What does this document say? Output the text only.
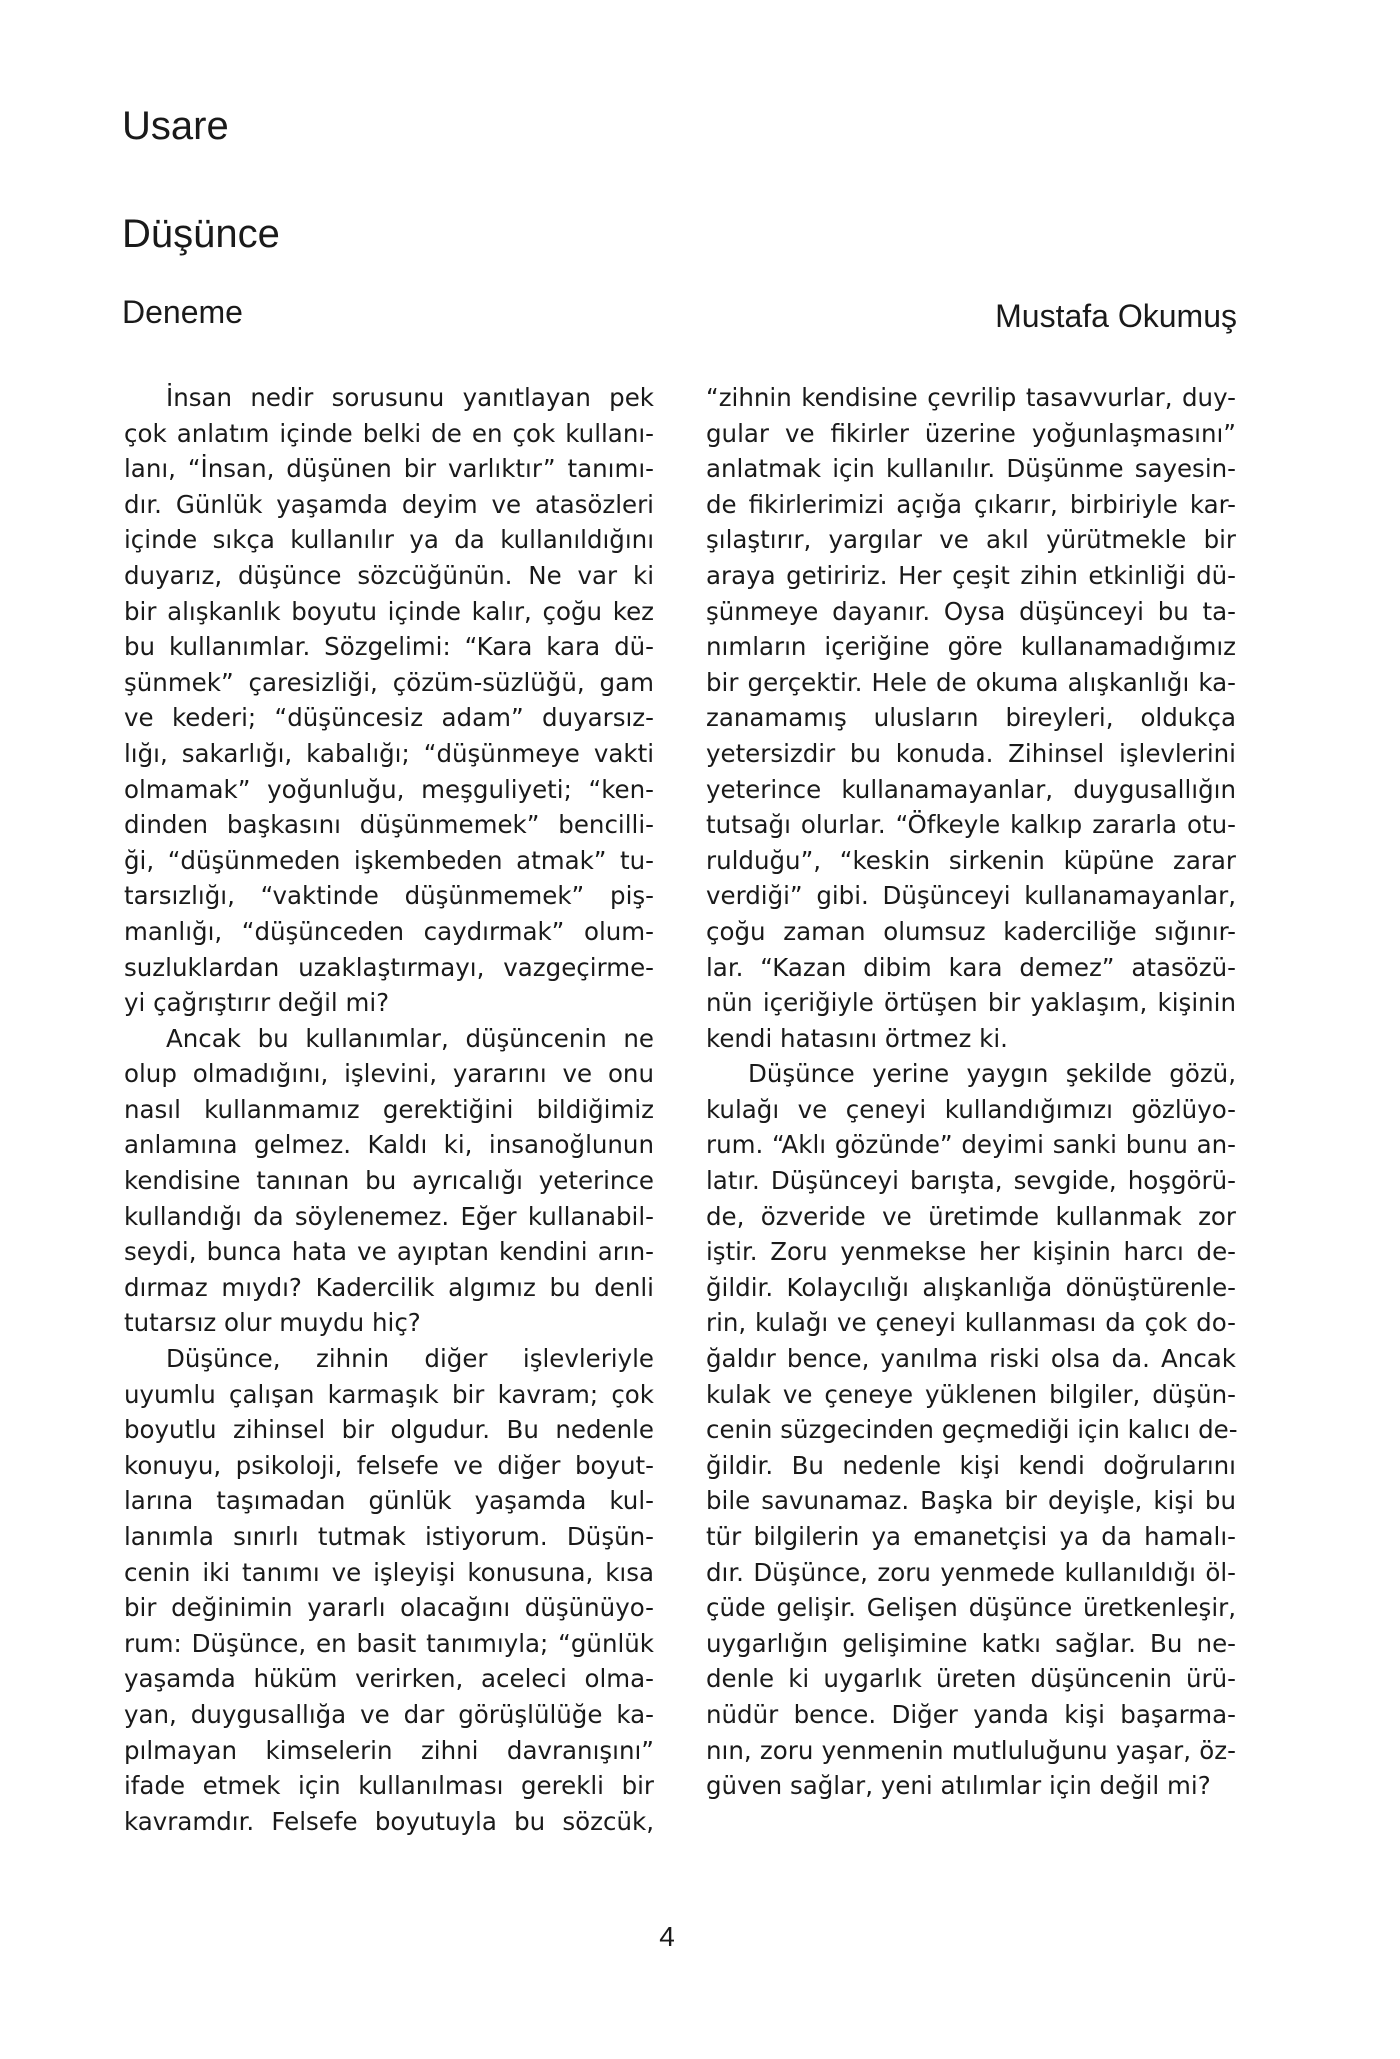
Usare
Düşünce
Deneme	Mustafa Okumuş
İnsan nedir sorusunu yanıtlayan pek
çok anlatım içinde belki de en çok kullanı-
lanı, “İnsan, düşünen bir varlıktır” tanımı-
dır. Günlük yaşamda deyim ve atasözleri
içinde sıkça kullanılır ya da kullanıldığını
duyarız, düşünce sözcüğünün. Ne var ki
bir alışkanlık boyutu içinde kalır, çoğu kez
bu kullanımlar. Sözgelimi: “Kara kara dü-
şünmek” çaresizliği, çözüm-süzlüğü, gam
ve kederi; “düşüncesiz adam” duyarsız-
lığı, sakarlığı, kabalığı; “düşünmeye vakti
olmamak” yoğunluğu, meşguliyeti; “ken-
dinden başkasını düşünmemek” bencilli-
ği, “düşünmeden işkembeden atmak” tu-
tarsızlığı, “vaktinde düşünmemek” piş-
manlığı, “düşünceden caydırmak” olum-
suzluklardan uzaklaştırmayı, vazgeçirme-
yi çağrıştırır değil mi?
Ancak bu kullanımlar, düşüncenin ne
olup olmadığını, işlevini, yararını ve onu
nasıl kullanmamız gerektiğini bildiğimiz
anlamına gelmez. Kaldı ki, insanoğlunun
kendisine tanınan bu ayrıcalığı yeterince
kullandığı da söylenemez. Eğer kullanabil-
seydi, bunca hata ve ayıptan kendini arın-
dırmaz mıydı? Kadercilik algımız bu denli
tutarsız olur muydu hiç?
Düşünce, zihnin diğer işlevleriyle
uyumlu çalışan karmaşık bir kavram; çok
boyutlu zihinsel bir olgudur. Bu nedenle
konuyu, psikoloji, felsefe ve diğer boyut-
larına taşımadan günlük yaşamda kul-
lanımla sınırlı tutmak istiyorum. Düşün-
cenin iki tanımı ve işleyişi konusuna, kısa
bir değinimin yararlı olacağını düşünüyo-
rum: Düşünce, en basit tanımıyla; “günlük
yaşamda hüküm verirken, aceleci olma-
yan, duygusallığa ve dar görüşlülüğe ka-
pılmayan kimselerin zihni davranışını”
ifade etmek için kullanılması gerekli bir
kavramdır. Felsefe boyutuyla bu sözcük,
“zihnin kendisine çevrilip tasavvurlar, duy-
gular ve fikirler üzerine yoğunlaşmasını”
anlatmak için kullanılır. Düşünme sayesin-
de fikirlerimizi açığa çıkarır, birbiriyle kar-
şılaştırır, yargılar ve akıl yürütmekle bir
araya getiririz. Her çeşit zihin etkinliği dü-
şünmeye dayanır. Oysa düşünceyi bu ta-
nımların içeriğine göre kullanamadığımız
bir gerçektir. Hele de okuma alışkanlığı ka-
zanamamış ulusların bireyleri, oldukça
yetersizdir bu konuda. Zihinsel işlevlerini
yeterince kullanamayanlar, duygusallığın
tutsağı olurlar. “Öfkeyle kalkıp zararla otu-
rulduğu”, “keskin sirkenin küpüne zarar
verdiği” gibi. Düşünceyi kullanamayanlar,
çoğu zaman olumsuz kaderciliğe sığınır-
lar. “Kazan dibim kara demez” atasözü-
nün içeriğiyle örtüşen bir yaklaşım, kişinin
kendi hatasını örtmez ki.
Düşünce yerine yaygın şekilde gözü,
kulağı ve çeneyi kullandığımızı gözlüyo-
rum. “Aklı gözünde” deyimi sanki bunu an-
latır. Düşünceyi barışta, sevgide, hoşgörü-
de, özveride ve üretimde kullanmak zor
iştir. Zoru yenmekse her kişinin harcı de-
ğildir. Kolaycılığı alışkanlığa dönüştürenle-
rin, kulağı ve çeneyi kullanması da çok do-
ğaldır bence, yanılma riski olsa da. Ancak
kulak ve çeneye yüklenen bilgiler, düşün-
cenin süzgecinden geçmediği için kalıcı de-
ğildir. Bu nedenle kişi kendi doğrularını
bile savunamaz. Başka bir deyişle, kişi bu
tür bilgilerin ya emanetçisi ya da hamalı-
dır. Düşünce, zoru yenmede kullanıldığı öl-
çüde gelişir. Gelişen düşünce üretkenleşir,
uygarlığın gelişimine katkı sağlar. Bu ne-
denle ki uygarlık üreten düşüncenin ürü-
nüdür bence. Diğer yanda kişi başarma-
nın, zoru yenmenin mutluluğunu yaşar, öz-
güven sağlar, yeni atılımlar için değil mi?
4
